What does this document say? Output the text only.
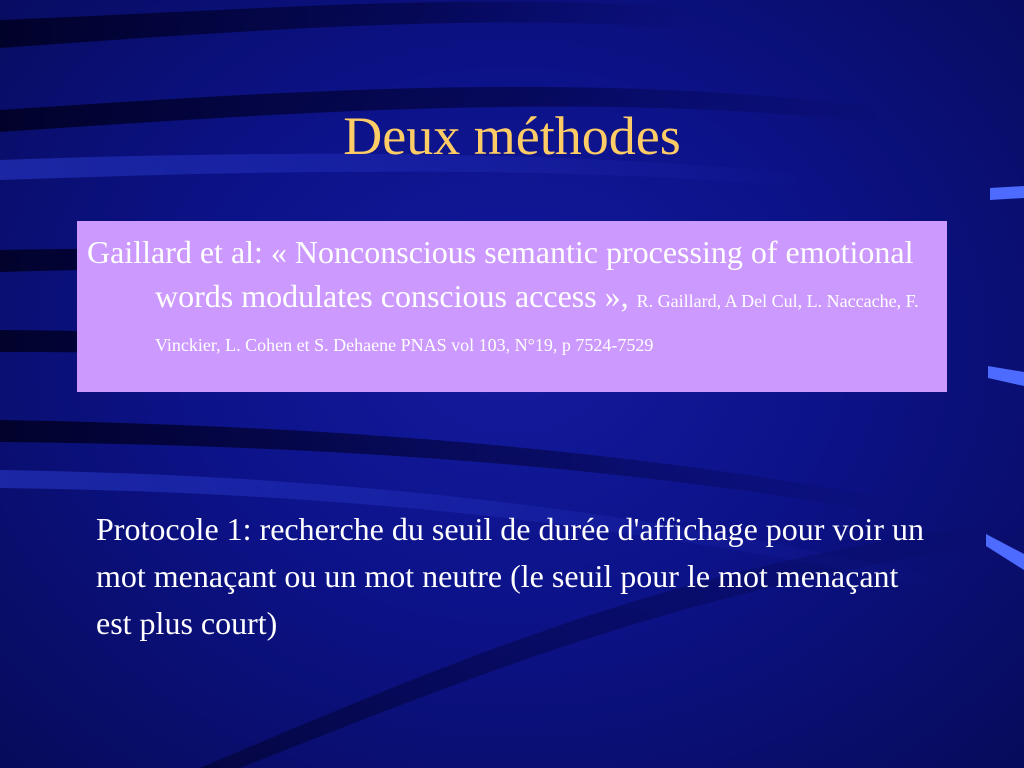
Deux méthodes

Gaillard et al: « Nonconscious semantic processing of emotional words modulates conscious access », R. Gaillard, A Del Cul, L. Naccache, F. Vinckier, L. Cohen et S. Dehaene PNAS vol 103, N°19, p 7524-7529

Protocole 1: recherche du seuil de durée d'affichage pour voir un mot menaçant ou un mot neutre (le seuil pour le mot menaçant est plus court)
